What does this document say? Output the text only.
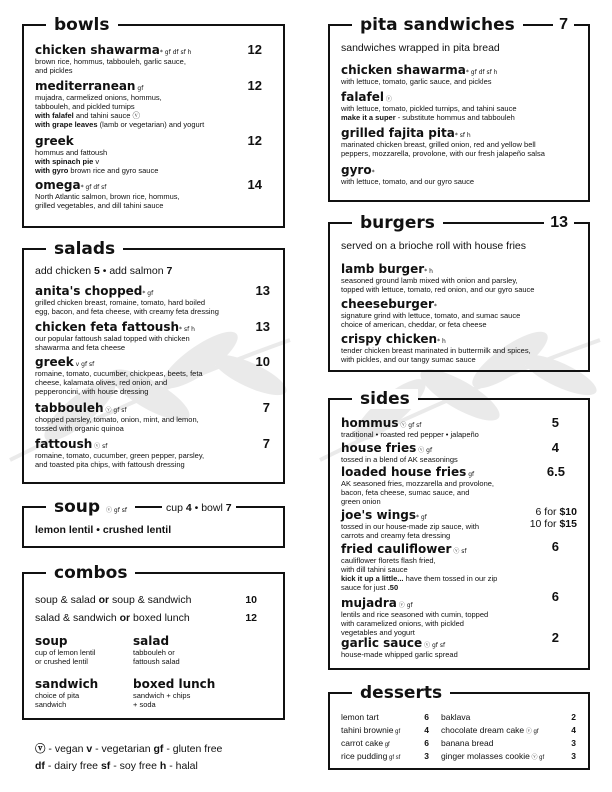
bowls
salads
soup ⓥ gf sf
combos
pita sandwiches	7
burgers	13
sides
desserts
chicken shawarma* gf df sf h	12
brown rice, hommus, tabbouleh, garlic sauce,
and pickles
mediterranean gf	12
mujadra, carmelized onions, hommus,
tabbouleh, and pickled turnips
with falafel and tahini sauce ⓥ
with grape leaves (lamb or vegetarian) and yogurt
greek	12
hommus and fattoush
with spinach pie v
with gyro brown rice and gyro sauce
omega* gf df sf	14
North Atlantic salmon, brown rice, hommus,
grilled vegetables, and dill tahini sauce
add chicken 5 • add salmon 7
anita's chopped* gf	13
grilled chicken breast, romaine, tomato, hard boiled
egg, bacon, and feta cheese, with creamy feta dressing
chicken feta fattoush* sf h	13
our popular fattoush salad topped with chicken
shawarma and feta cheese
greek v gf sf	10
romaine, tomato, cucumber, chickpeas, beets, feta
cheese, kalamata olives, red onion, and
pepperoncini, with house dressing
tabbouleh ⓥ gf sf	7
chopped parsley, tomato, onion, mint, and lemon,
tossed with organic quinoa
fattoush ⓥ sf	7
romaine, tomato, cucumber, green pepper, parsley,
and toasted pita chips, with fattoush dressing
cup 4 • bowl 7
lemon lentil • crushed lentil
soup & salad or soup & sandwich	10
salad & sandwich or boxed lunch	12
soup
cup of lemon lentil
or crushed lentil
salad
tabbouleh or
fattoush salad
sandwich
choice of pita
sandwich
boxed lunch
sandwich + chips
+ soda
ⓥ - vegan v - vegetarian gf - gluten free
df - dairy free sf - soy free h - halal
sandwiches wrapped in pita bread
chicken shawarma* gf df sf h
with lettuce, tomato, garlic sauce, and pickles
falafel ⓥ
with lettuce, tomato, pickled turnips, and tahini sauce
make it a super - substitute hommus and tabbouleh
grilled fajita pita* sf h
marinated chicken breast, grilled onion, red and yellow bell
peppers, mozzarella, provolone, with our fresh jalapeño salsa
gyro*
with lettuce, tomato, and our gyro sauce
served on a brioche roll with house fries
lamb burger* h
seasoned ground lamb mixed with onion and parsley,
topped with lettuce, tomato, red onion, and our gyro sauce
cheeseburger*
signature grind with lettuce, tomato, and sumac sauce
choice of american, cheddar, or feta cheese
crispy chicken* h
tender chicken breast marinated in buttermilk and spices,
with pickles, and our tangy sumac sauce
hommus ⓥ gf sf	5
traditional • roasted red pepper • jalapeño
house fries ⓥ gf	4
tossed in a blend of AK seasonings
loaded house fries gf	6.5
AK seasoned fries, mozzarella and provolone,
bacon, feta cheese, sumac sauce, and
green onion
joe's wings* gf	6 for $10
10 for $15
tossed in our house-made zip sauce, with
carrots and creamy feta dressing
fried cauliflower ⓥ sf	6
cauliflower florets flash fried,
with dill tahini sauce
kick it up a little... have them tossed in our zip
sauce for just .50
mujadra ⓥ gf
6
lentils and rice seasoned with cumin, topped
with caramelized onions, with pickled
vegetables and yogurt
garlic sauce ⓥ gf sf
2
house-made whipped garlic spread
lemon tart	6
tahini brownie gf	4
carrot cake gf	6
rice pudding gf sf	3
baklava	2
chocolate dream cake ⓥ gf	4
banana bread	3
ginger molasses cookie ⓥ gf	3
